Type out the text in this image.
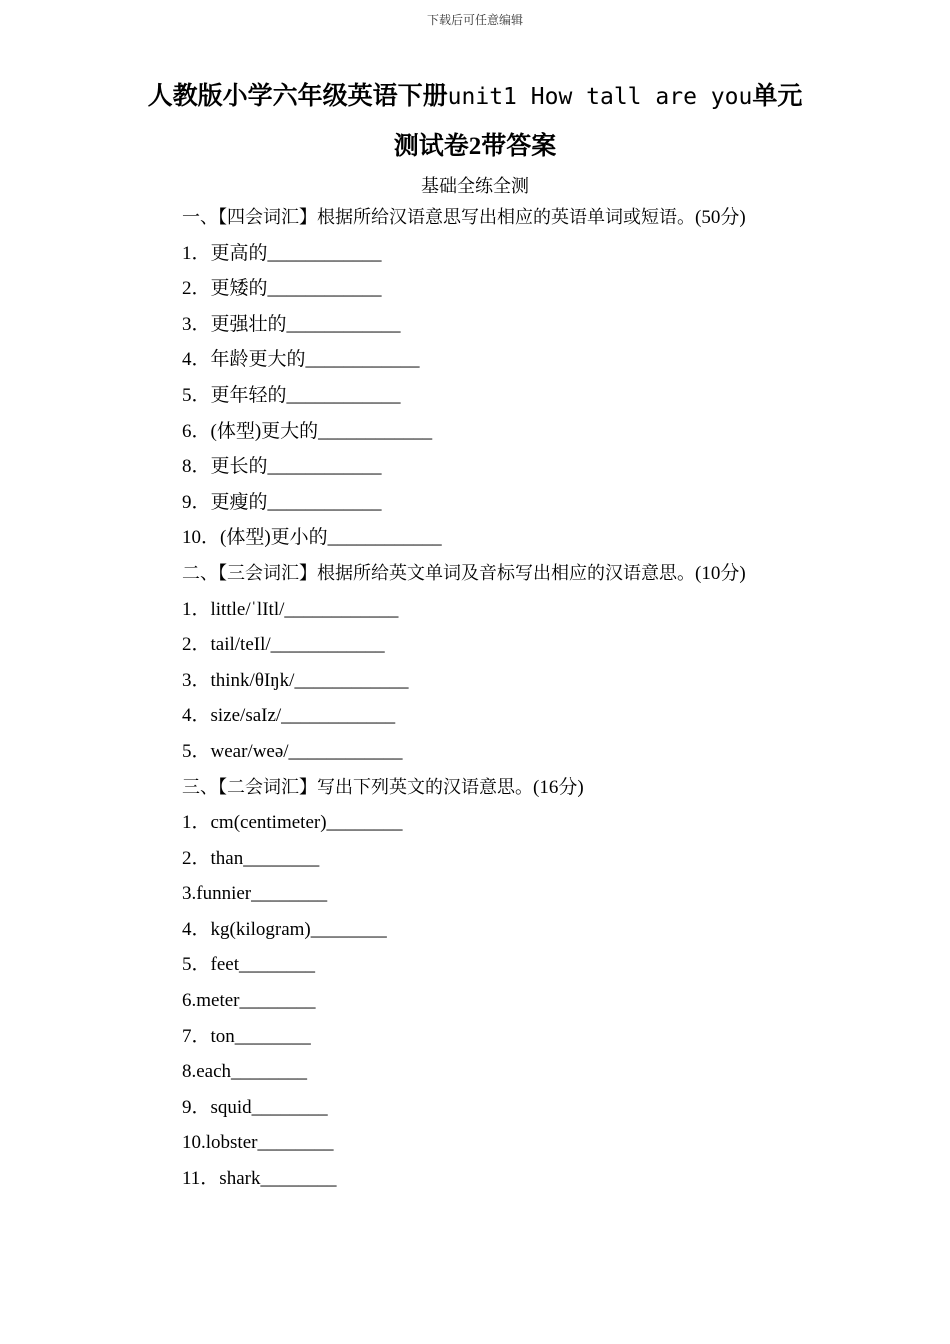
下载后可任意编辑
人教版小学六年级英语下册unit1 How tall are you单元
测试卷2带答案
基础全练全测
一、【四会词汇】根据所给汉语意思写出相应的英语单词或短语。(50分)
1．更高的____________
2．更矮的____________
3．更强壮的____________
4．年龄更大的____________
5．更年轻的____________
6．(体型)更大的____________
8．更长的____________
9．更瘦的____________
10．(体型)更小的____________
二、【三会词汇】根据所给英文单词及音标写出相应的汉语意思。(10分)
1．little/ˈlItl/____________
2．tail/teIl/____________
3．think/θIŋk/____________
4．size/saIz/____________
5．wear/weə/____________
三、【二会词汇】写出下列英文的汉语意思。(16分)
1．cm(centimeter)________
2．than________
3.funnier________
4．kg(kilogram)________
5．feet________
6.meter________
7．ton________
8.each________
9．squid________
10.lobster________
11．shark________
